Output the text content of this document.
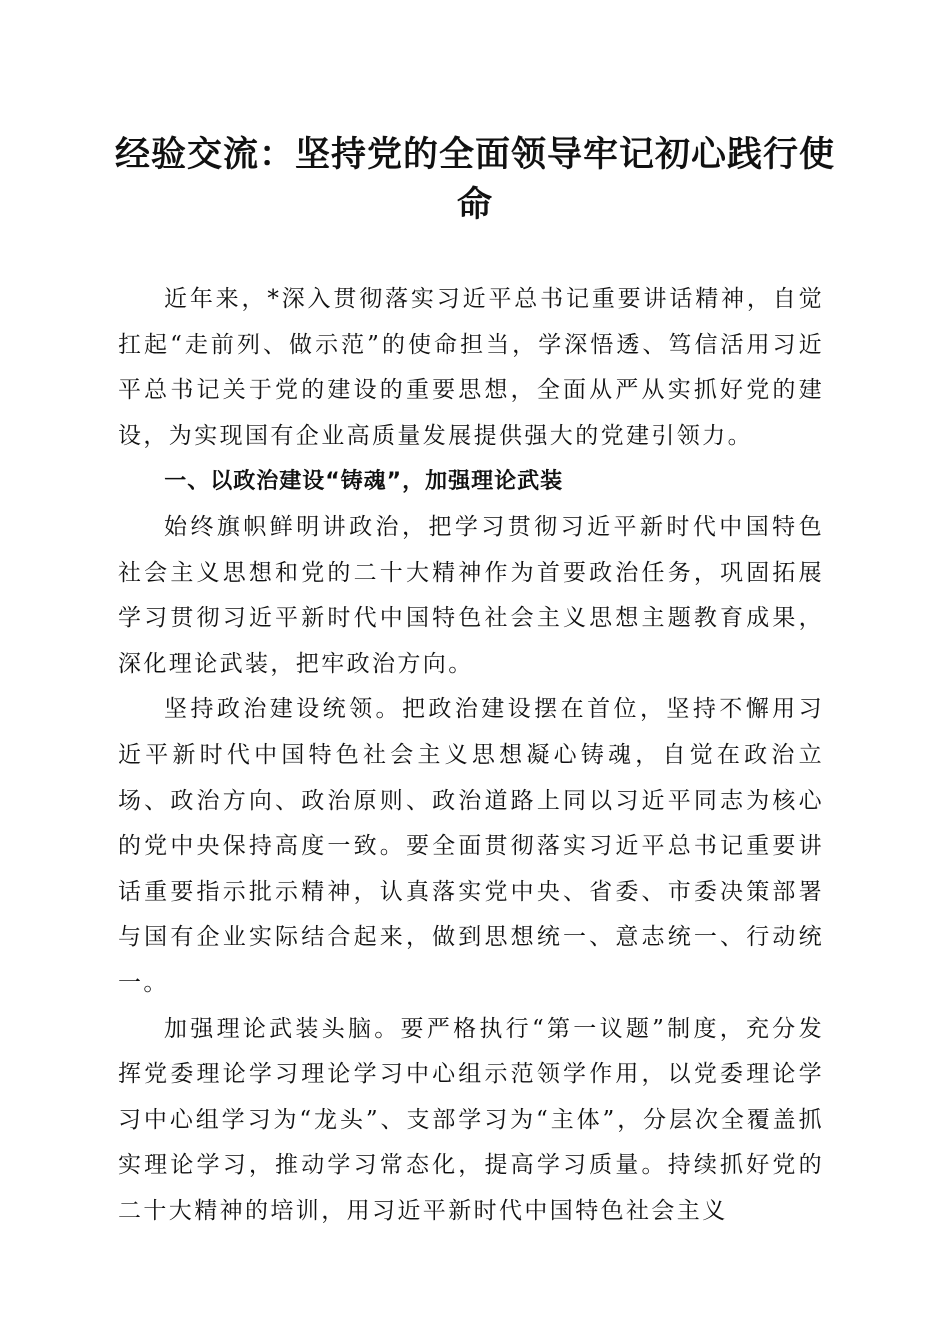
经验交流：坚持党的全面领导牢记初心践行使命

近年来，*深入贯彻落实习近平总书记重要讲话精神，自觉扛起“走前列、做示范”的使命担当，学深悟透、笃信活用习近平总书记关于党的建设的重要思想，全面从严从实抓好党的建设，为实现国有企业高质量发展提供强大的党建引领力。

一、以政治建设“铸魂”，加强理论武装

始终旗帜鲜明讲政治，把学习贯彻习近平新时代中国特色社会主义思想和党的二十大精神作为首要政治任务，巩固拓展学习贯彻习近平新时代中国特色社会主义思想主题教育成果，深化理论武装，把牢政治方向。

坚持政治建设统领。把政治建设摆在首位，坚持不懈用习近平新时代中国特色社会主义思想凝心铸魂，自觉在政治立场、政治方向、政治原则、政治道路上同以习近平同志为核心的党中央保持高度一致。要全面贯彻落实习近平总书记重要讲话重要指示批示精神，认真落实党中央、省委、市委决策部署与国有企业实际结合起来，做到思想统一、意志统一、行动统一。

加强理论武装头脑。要严格执行“第一议题”制度，充分发挥党委理论学习理论学习中心组示范领学作用，以党委理论学习中心组学习为“龙头”、支部学习为“主体”，分层次全覆盖抓实理论学习，推动学习常态化，提高学习质量。持续抓好党的二十大精神的培训，用习近平新时代中国特色社会主义
